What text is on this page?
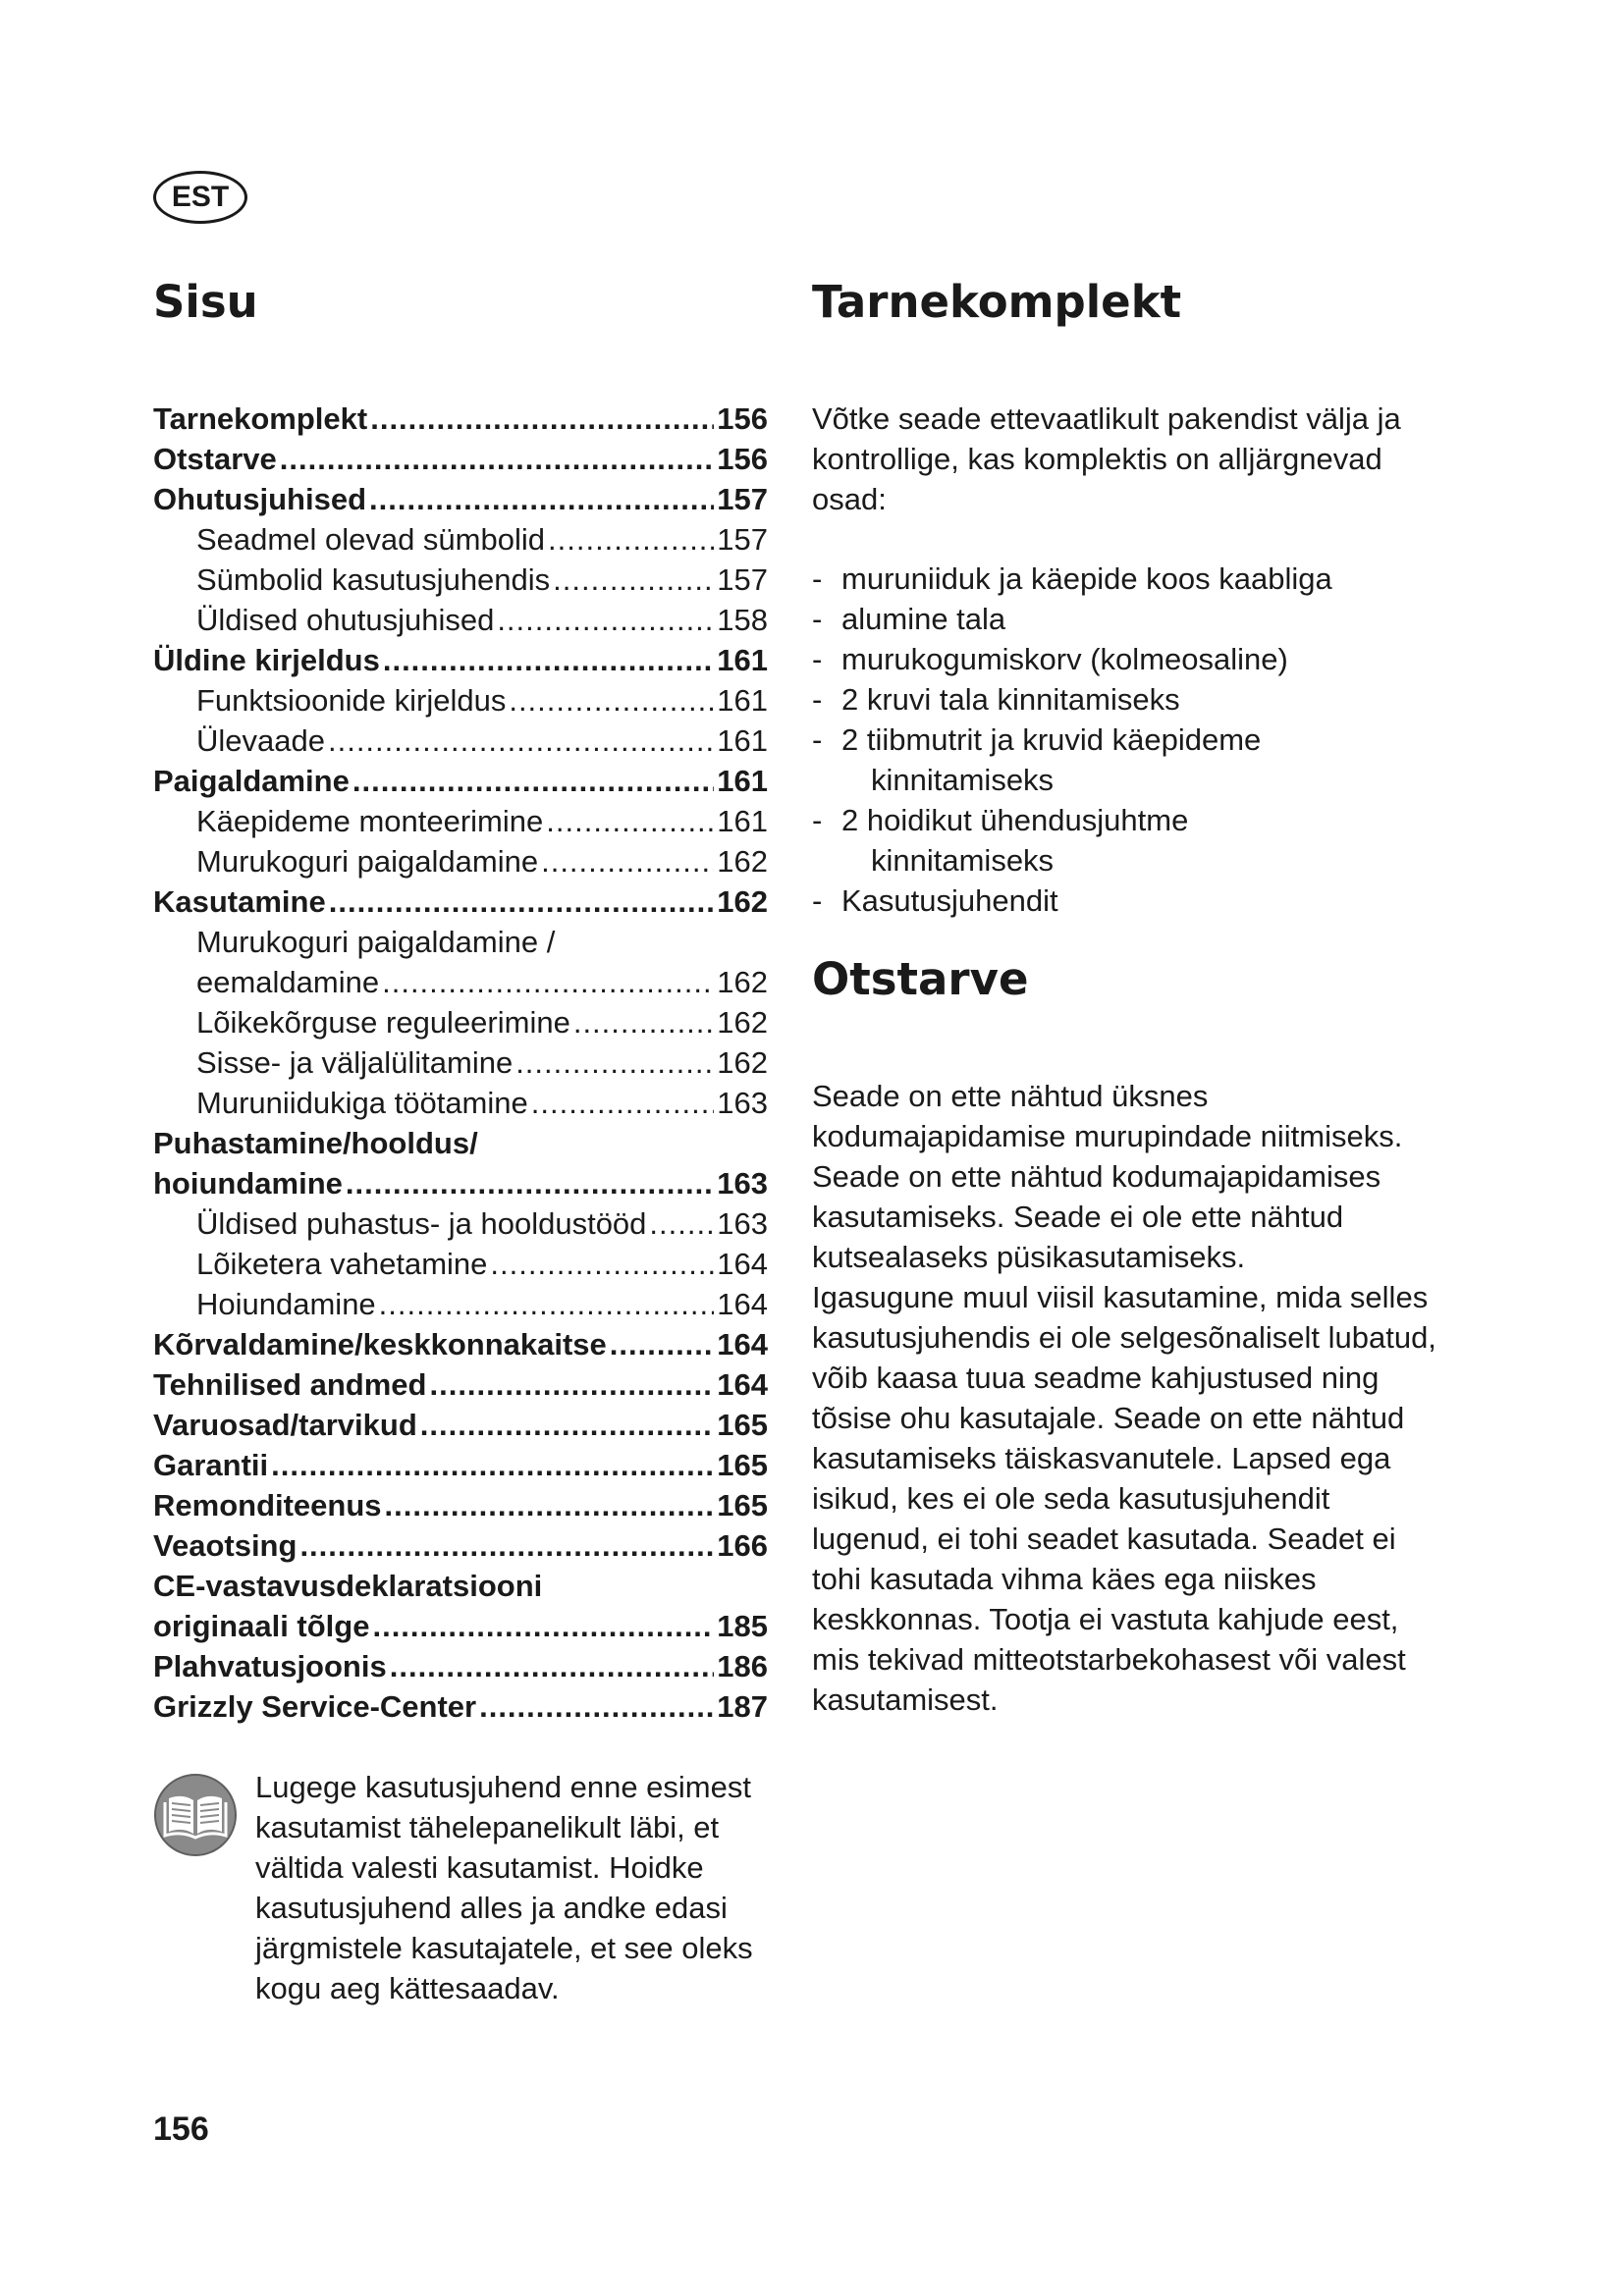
EST
Sisu
Tarnekomplekt .....	156
Otstarve .....	156
Ohutusjuhised .....	157
Seadmel olevad sümbolid .....	157
Sümbolid kasutusjuhendis .....	157
Üldised ohutusjuhised .....	158
Üldine kirjeldus .....	161
Funktsioonide kirjeldus .....	161
Ülevaade .....	161
Paigaldamine .....	161
Käepideme monteerimine .....	161
Murukoguri paigaldamine .....	162
Kasutamine .....	162
Murukoguri paigaldamine /
eemaldamine .....	162
Lõikekõrguse reguleerimine .....	162
Sisse- ja väljalülitamine .....	162
Muruniidukiga töötamine .....	163
Puhastamine/hooldus/
hoiundamine .....	163
Üldised puhastus- ja hooldustööd ..... 163
Lõiketera vahetamine .....	164
Hoiundamine .....	164
Kõrvaldamine/keskkonnakaitse .....	164
Tehnilised andmed .....	164
Varuosad/tarvikud .....	165
Garantii .....	165
Remonditeenus .....	165
Veaotsing .....	166
CE-vastavusdeklaratsiooni
originaali tõlge .....	185
Plahvatusjoonis .....	186
Grizzly Service-Center .....	187
Tarnekomplekt

Võtke seade ettevaatlikult pakendist välja ja kontrollige, kas komplektis on alljärgnevad osad:

- muruniiduk ja käepide koos kaabliga
- alumine tala
- murukogumiskorv (kolmeosaline)
- 2 kruvi tala kinnitamiseks
- 2 tiibmutrit ja kruvid käepideme
kinnitamiseks
- 2 hoidikut ühendusjuhtme
kinnitamiseks
- Kasutusjuhendit
Otstarve

Seade on ette nähtud üksnes kodumajapidamise murupindade niitmiseks. Seade on ette nähtud kodumajapidamises kasutamiseks. Seade ei ole ette nähtud kutsealaseks püsikasutamiseks.

Igasugune muul viisil kasutamine, mida selles kasutusjuhendis ei ole selgesõnaliselt lubatud, võib kaasa tuua seadme kahjustused ning tõsise ohu kasutajale. Seade on ette nähtud kasutamiseks täiskasvanutele. Lapsed ega isikud, kes ei ole seda kasutusjuhendit lugenud, ei tohi seadet kasutada. Seadet ei tohi kasutada vihma käes ega niiskes keskkonnas. Tootja ei vastuta kahjude eest, mis tekivad mitteotstarbekohasest või valest kasutamisest.

Lugege kasutusjuhend enne esimest kasutamist tähelepanelikult läbi, et vältida valesti kasutamist. Hoidke kasutusjuhend alles ja andke edasi järgmistele kasutajatele, et see oleks kogu aeg kättesaadav.
156
